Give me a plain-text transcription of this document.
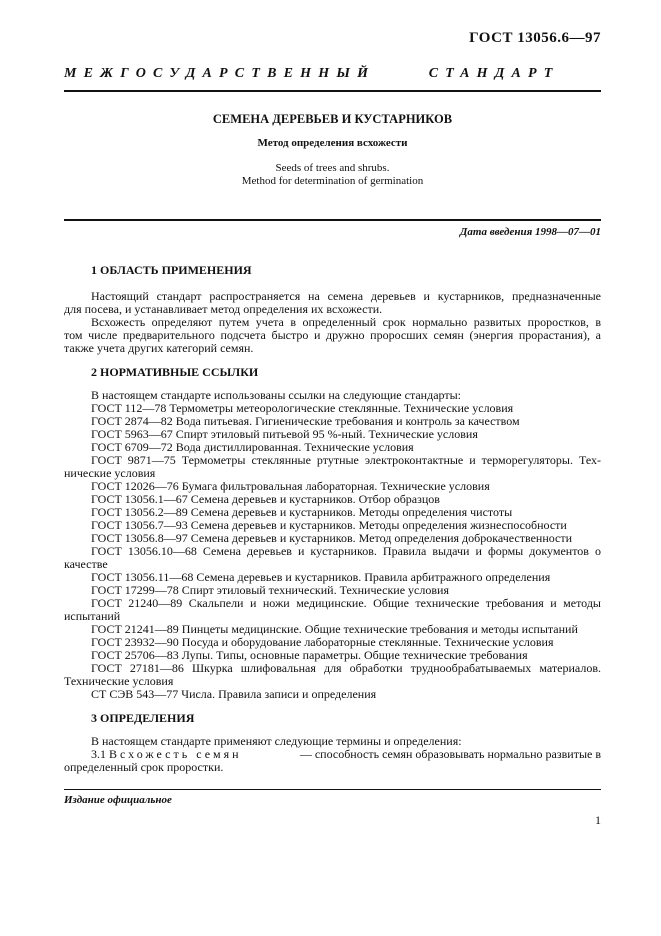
ГОСТ 13056.6—97
МЕЖГОСУДАРСТВЕННЫЙ     СТАНДАРТ
СЕМЕНА ДЕРЕВЬЕВ И КУСТАРНИКОВ
Метод определения всхожести
Seeds of trees and shrubs.
Method for determination of germination
Дата введения 1998—07—01
1 ОБЛАСТЬ ПРИМЕНЕНИЯ
Настоящий стандарт распространяется на семена деревьев и кустарников, предназначенные
для посева, и устанавливает метод определения их всхожести.
Всхожесть определяют путем учета в определенный срок нормально развитых проростков, в
том числе предварительного подсчета быстро и дружно проросших семян (энергия прорастания), а
также учета других категорий семян.
2 НОРМАТИВНЫЕ ССЫЛКИ
В настоящем стандарте использованы ссылки на следующие стандарты:
ГОСТ 112—78 Термометры метеорологические стеклянные. Технические условия
ГОСТ 2874—82 Вода питьевая. Гигиенические требования и контроль за качеством
ГОСТ 5963—67 Спирт этиловый питьевой 95 %-ный. Технические условия
ГОСТ 6709—72 Вода дистиллированная. Технические условия
ГОСТ 9871—75 Термометры стеклянные ртутные электроконтактные и терморегуляторы. Тех-
нические условия
ГОСТ 12026—76 Бумага фильтровальная лабораторная. Технические условия
ГОСТ 13056.1—67 Семена деревьев и кустарников. Отбор образцов
ГОСТ 13056.2—89 Семена деревьев и кустарников. Методы определения чистоты
ГОСТ 13056.7—93 Семена деревьев и кустарников. Методы определения жизнеспособности
ГОСТ 13056.8—97 Семена деревьев и кустарников. Метод определения доброкачественности
ГОСТ 13056.10—68 Семена деревьев и кустарников. Правила выдачи и формы документов о
качестве
ГОСТ 13056.11—68 Семена деревьев и кустарников. Правила арбитражного определения
ГОСТ 17299—78 Спирт этиловый технический. Технические условия
ГОСТ 21240—89 Скальпели и ножи медицинские. Общие технические требования и методы
испытаний
ГОСТ 21241—89 Пинцеты медицинские. Общие технические требования и методы испытаний
ГОСТ 23932—90 Посуда и оборудование лабораторные стеклянные. Технические условия
ГОСТ 25706—83 Лупы. Типы, основные параметры. Общие технические требования
ГОСТ 27181—86 Шкурка шлифовальная для обработки труднообрабатываемых материалов.
Технические условия
СТ СЭВ 543—77 Числа. Правила записи и определения
3 ОПРЕДЕЛЕНИЯ
В настоящем стандарте применяют следующие термины и определения:
3.1 Всхожесть семян	— способность семян образовывать нормально развитые в
определенный срок проростки.
Издание официальное
1
